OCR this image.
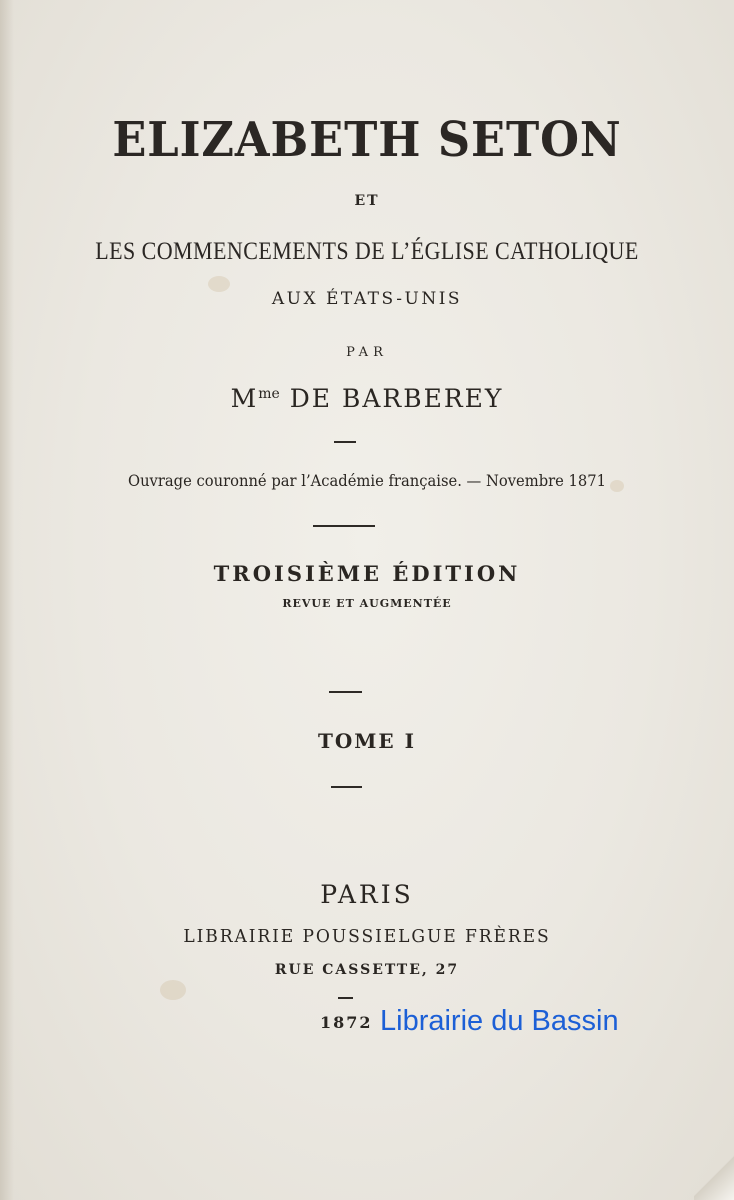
ELIZABETH SETON
ET
LES COMMENCEMENTS DE L’ÉGLISE CATHOLIQUE
AUX ÉTATS-UNIS
PAR
$M^{me}$ DE BARBEREY
Ouvrage couronné par l’Académie française. — Novembre 1871
TROISIÈME ÉDITION
REVUE ET AUGMENTÉE
TOME I
PARIS
LIBRAIRIE POUSSIELGUE FRÈRES
RUE CASSETTE, 27
1872 Librairie du Bassin
